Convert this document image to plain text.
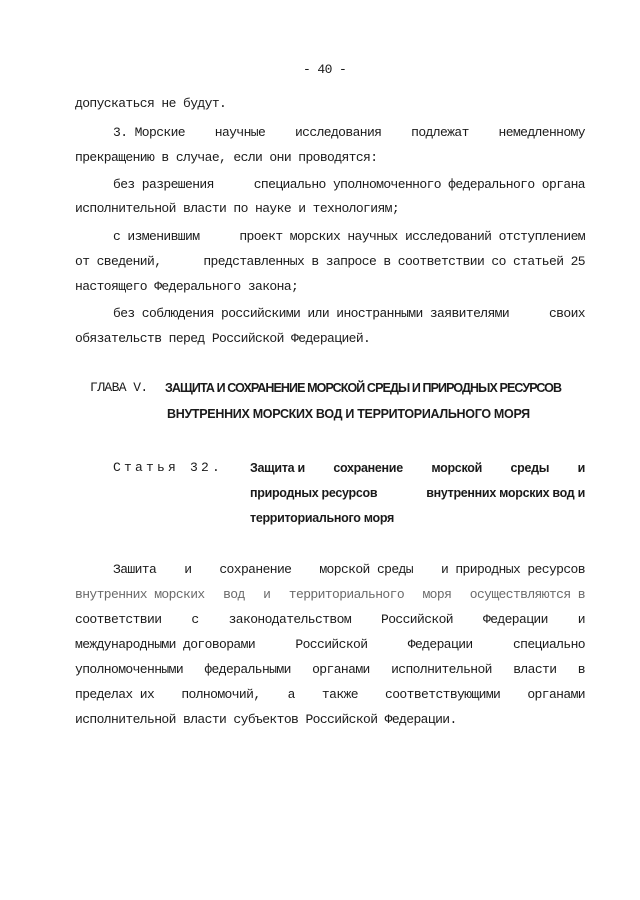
- 40 -
допускаться не будут.
3. Морские научные исследования подлежат немедленному
прекращению в случае, если они проводятся:
без разрешения	специально уполномоченного федерального органа
исполнительной власти по науке и технологиям;
с изменившим	проект морских научных исследований отступлением
от сведений,	представленных в запросе в соответствии со статьей 25
настоящего Федерального закона;
без соблюдения российскими или иностранными заявителями	своих
обязательств перед Российской Федерацией.
ГЛАВА V. ЗАЩИТА И СОХРАНЕНИЕ МОРСКОЙ СРЕДЫ И ПРИРОДНЫХ РЕСУРСОВ
ВНУТРЕННИХ МОРСКИХ ВОД И ТЕРРИТОРИАЛЬНОГО МОРЯ
Статья 32. Защита и сохранение морской среды и
природных ресурсов	внутренних морских вод и
территориального моря
Зашита и сохранение морской среды и природных ресурсов
внутренних морских вод и территориального моря осуществляются в
соответствии с законодательством Российской Федерации и
международными договорами	Российской	Федерации	специально
уполномоченными федеральными органами исполнительной власти в
пределах их полномочий, а также соответствующими органами
исполнительной власти субъектов Российской Федерации.
